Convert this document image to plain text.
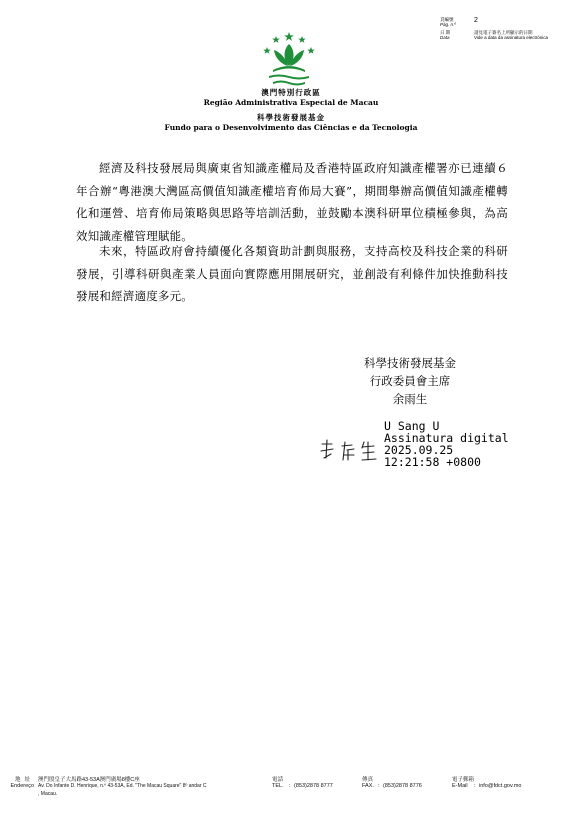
頁編號
Pág. n.º
2
日 期
Data
請見電子簽名上所顯示的日期
Vide a data da assinatura electrónica
澳門特別行政區
Região Administrativa Especial de Macau
科學技術發展基金
Fundo para o Desenvolvimento das Ciências e da Tecnologia

經濟及科技發展局與廣東省知識產權局及香港特區政府知識產權署亦已連續６年合辦“粵港澳大灣區高價值知識產權培育佈局大賽”，期間舉辦高價值知識產權轉化和運營、培育佈局策略與思路等培訓活動，並鼓勵本澳科研單位積極參與，為高效知識產權管理賦能。

未來，特區政府會持續優化各類資助計劃與服務，支持高校及科技企業的科研發展，引導科研與產業人員面向實際應用開展研究，並創設有利條件加快推動科技發展和經濟適度多元。

科學技術發展基金
行政委員會主席
余雨生
U Sang U
Assinatura digital
2025.09.25
12:21:58 +0800
地址
Endereço
澳門殷皇子大馬路43-53A澳門廣場8樓C座
Av. Do Infante D. Henrique, n.º 43-53A, Ed. "The Macau Square" 8º andar C
, Macau.
電話
TEL. : (853)2878 8777
傳真
FAX. : (853)2878 8776
電子郵箱
E-Mail : info@fdct.gov.mo
